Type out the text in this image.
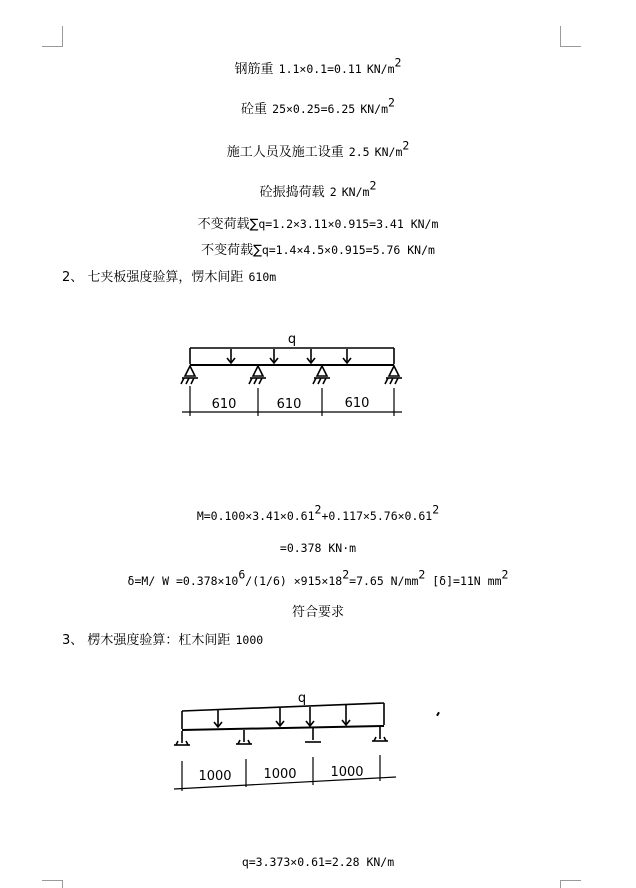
钢筋重 1.1×0.1=0.11 $KN/m^2$
砼重 25×0.25=6.25 $KN/m^2$
施工人员及施工设重 2.5 $KN/m^2$
砼振捣荷载 2 $KN/m^2$
不变荷载∑q=1.2×3.11×0.915=3.41 KN/m
不变荷载∑q=1.4×4.5×0.915=5.76 KN/m
2、 七夹板强度验算，愣木间距 610m
q
610	610	610
$M=0.100\times 3.41\times 0.61^2+0.117\times 5.76\times 0.61^2$
=0.378 KN·m
δ=M/ $W =0.378\times 10^6/(1/6) \times 915\times 18^2=7.65$ $N/mm^2$ [δ]=11N $mm^2$
符合要求
3、 楞木强度验算：杠木间距 1000
q
1000 1000	1000
q=3.373×0.61=2.28 KN/m
